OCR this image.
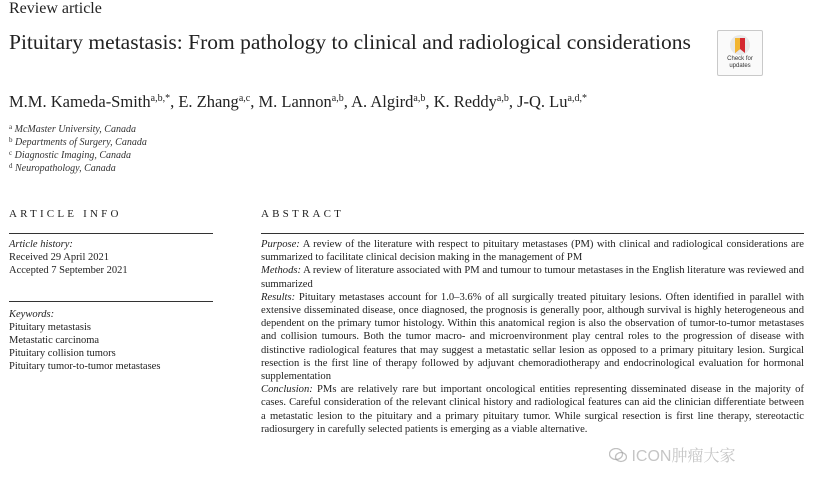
Review article
Pituitary metastasis: From pathology to clinical and radiological considerations
Check for
updates
M.M. Kameda-Smith$^{a,b,*}$, E. Zhang$^{a,c}$, M. Lannon$^{a,b}$, A. Algird$^{a,b}$, K. Reddy$^{a,b}$, J-Q. $Lu^{a,d,*}$
$^a$ McMaster University, Canada
$^b$ Departments of Surgery, Canada
$^c$ Diagnostic Imaging, Canada
$^d$ Neuropathology, Canada
ARTICLE INFO	ABSTRACT
Article history:
Received 29 April 2021
Accepted 7 September 2021
Keywords:
Pituitary metastasis
Metastatic carcinoma
Pituitary collision tumors
Pituitary tumor-to-tumor metastases

Purpose: A review of the literature with respect to pituitary metastases (PM) with clinical and radiological considerations are summarized to facilitate clinical decision making in the management of PM

Methods: A review of literature associated with PM and tumour to tumour metastases in the English literature was reviewed and summarized

Results: Pituitary metastases account for 1.0–3.6% of all surgically treated pituitary lesions. Often identified in parallel with extensive disseminated disease, once diagnosed, the prognosis is generally poor, although survival is highly heterogeneous and dependent on the primary tumor histology. Within this anatomical region is also the observation of tumor-to-tumor metastases and collision tumours. Both the tumor macro- and microenvironment play central roles to the progression of disease with distinctive radiological features that may suggest a metastatic sellar lesion as opposed to a primary pituitary lesion. Surgical resection is the first line of therapy followed by adjuvant chemoradiotherapy and endocrinological evaluation for hormonal supplementation

Conclusion: PMs are relatively rare but important oncological entities representing disseminated disease in the majority of cases. Careful consideration of the relevant clinical history and radiological features can aid the clinician differentiate between a metastatic lesion to the pituitary and a primary pituitary tumor. While surgical resection is first line therapy, stereotactic radiosurgery in carefully selected patients is emerging as a viable alternative.

ICON肿瘤大家
